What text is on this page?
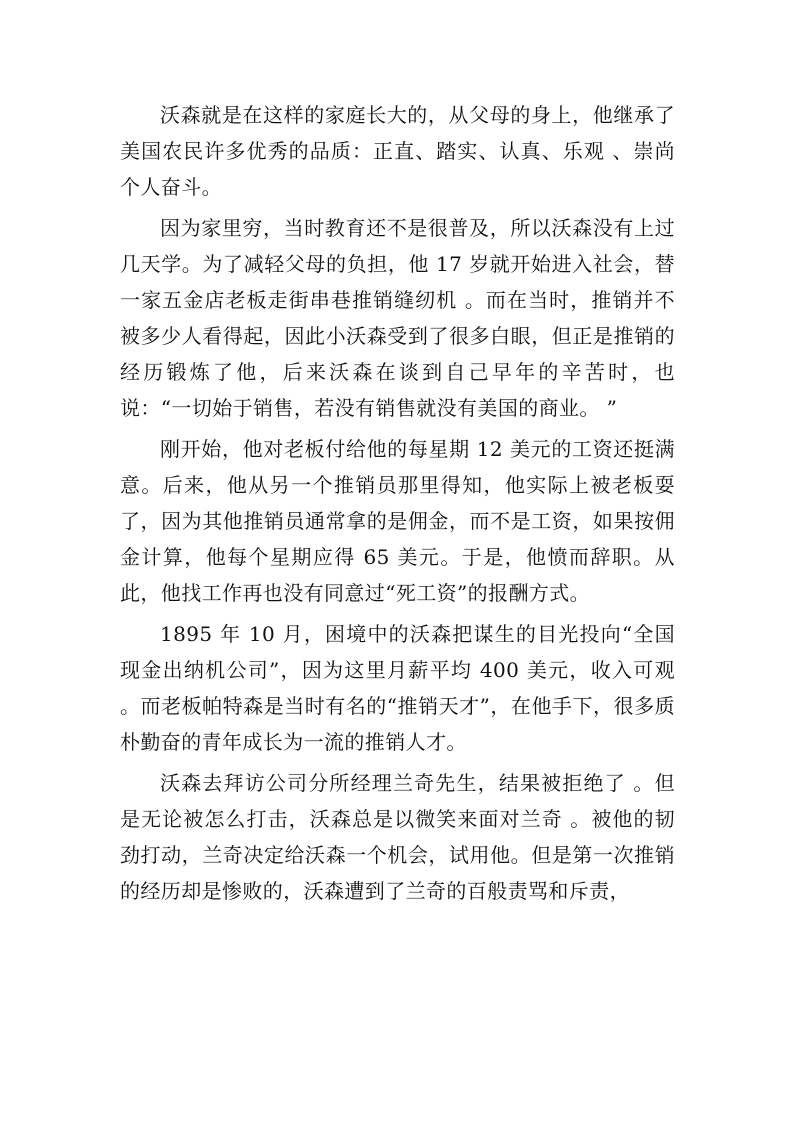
沃森就是在这样的家庭长大的，从父母的身上，他继承了美国农民许多优秀的品质：正直、踏实、认真、乐观 、崇尚个人奋斗。

因为家里穷，当时教育还不是很普及，所以沃森没有上过几天学。为了减轻父母的负担，他 17 岁就开始进入社会，替一家五金店老板走街串巷推销缝纫机 。而在当时，推销并不被多少人看得起，因此小沃森受到了很多白眼，但正是推销的经历锻炼了他，后来沃森在谈到自己早年的辛苦时，也说：“一切始于销售，若没有销售就没有美国的商业。 ”

刚开始，他对老板付给他的每星期 12 美元的工资还挺满意。后来，他从另一个推销员那里得知，他实际上被老板耍了，因为其他推销员通常拿的是佣金，而不是工资，如果按佣金计算，他每个星期应得 65 美元。于是，他愤而辞职。从此，他找工作再也没有同意过“死工资”的报酬方式。

1895 年 10 月，困境中的沃森把谋生的目光投向“全国现金出纳机公司”，因为这里月薪平均 400 美元，收入可观 。而老板帕特森是当时有名的“推销天才”，在他手下，很多质朴勤奋的青年成长为一流的推销人才。

沃森去拜访公司分所经理兰奇先生，结果被拒绝了 。但是无论被怎么打击，沃森总是以微笑来面对兰奇 。被他的韧劲打动，兰奇决定给沃森一个机会，试用他。但是第一次推销的经历却是惨败的，沃森遭到了兰奇的百般责骂和斥责，
